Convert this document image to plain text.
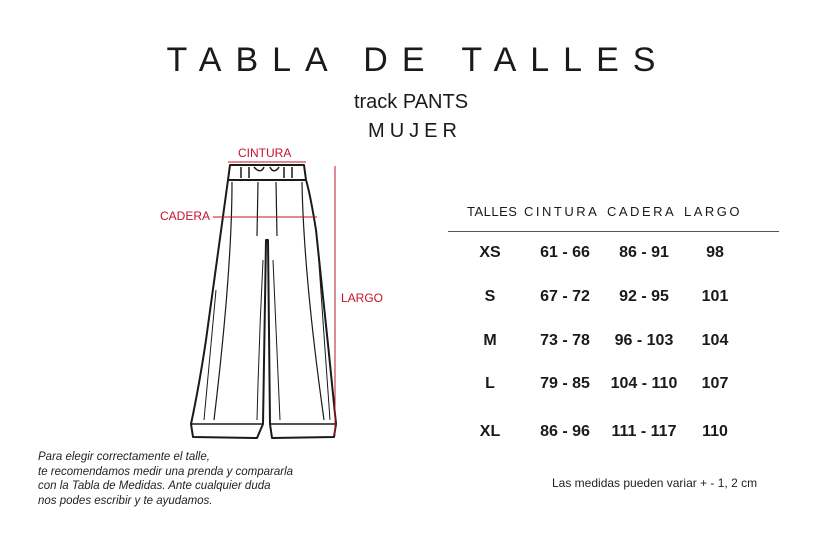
TABLA DE TALLES
track PANTS
MUJER
CINTURA
CADERA
LARGO
TALLES CINTURA CADERA LARGO
XS	61 - 66	86 - 91	98
S	67 - 72	92 - 95	101
M	73 - 78	96 - 103	104
L	79 - 85	104 - 110	107
XL	86 - 96	111 - 117	110
Para elegir correctamente el talle,
te recomendamos medir una prenda y compararla
con la Tabla de Medidas. Ante cualquier duda
nos podes escribir y te ayudamos.
Las medidas pueden variar + - 1, 2 cm
